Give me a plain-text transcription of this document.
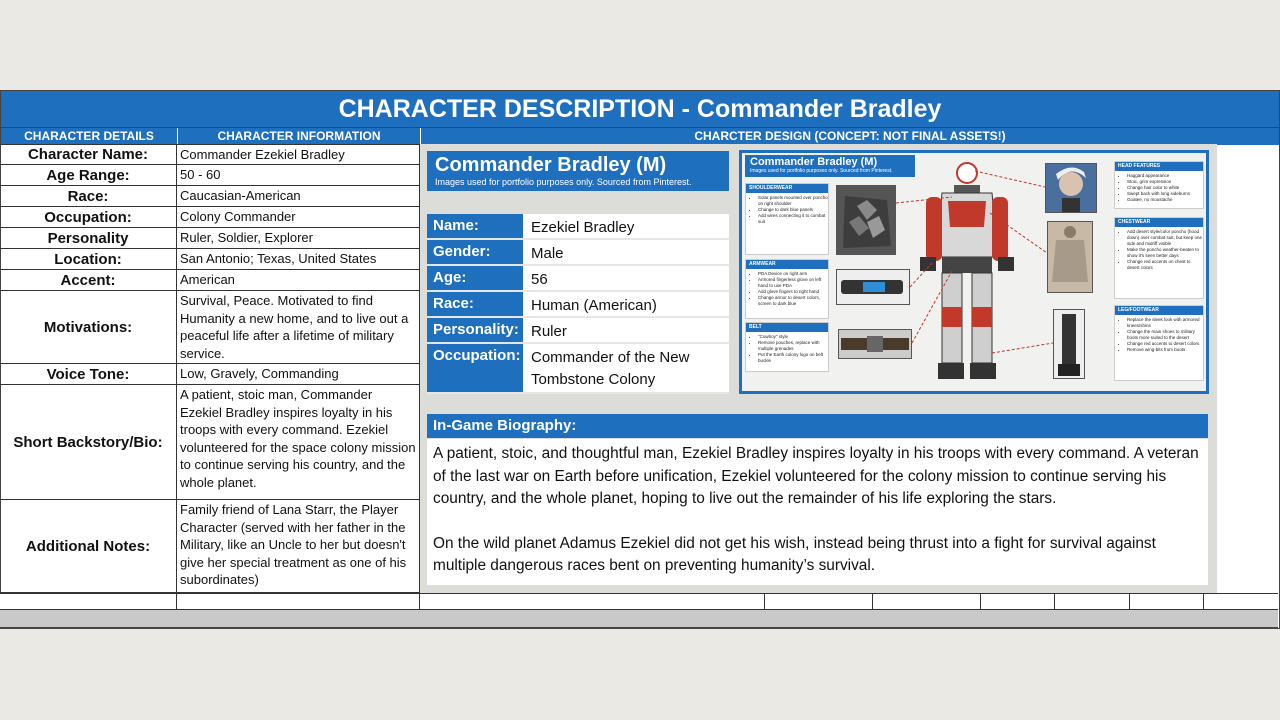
CHARACTER DESCRIPTION - Commander Bradley
CHARACTER DETAILS	CHARACTER INFORMATION	CHARCTER DESIGN (CONCEPT: NOT FINAL ASSETS!)
Character Name:	Commander Ezekiel Bradley
Age Range:	50 - 60
Race:	Caucasian-American
Occupation:	Colony Commander
Personality	Ruler, Soldier, Explorer
Location:	San Antonio; Texas, United States
Accent:	American
Motivations:
Survival, Peace. Motivated to find Humanity a new home, and to live out a peaceful life after a lifetime of military service.
Voice Tone:	Low, Gravely, Commanding
Short Backstory/Bio:
A patient, stoic man, Commander Ezekiel Bradley inspires loyalty in his troops with every command. Ezekiel volunteered for the space colony mission to continue serving his country, and the whole planet.
Additional Notes:
Family friend of Lana Starr, the Player Character (served with her father in the Military, like an Uncle to her but doesn't give her special treatment as one of his subordinates)
Commander Bradley (M)
Images used for portfolio purposes only. Sourced from Pinterest.
Name:	Ezekiel Bradley
Gender:	Male
Age:	56
Race:	Human (American)
Personality: Ruler
Occupation: Commander of the New Tombstone Colony
Commander Bradley (M)
Images used for portfolio purposes only. Sourced from Pinterest.
SHOULDERWEAR
• Solar panels mounted over poncho on right shoulder
• Change to dark blue panels
• Add wires connecting it to combat suit
ARMWEAR
• PDA Device on right arm
• Armored fingerless glove on left hand to use PDA
• Add glove fingers to right hand
• Change armor to desert colors, screen to dark blue
BELT
• "Cowboy" style
• Remove pouches, replace with multiple grenades
• Put the Earth colony logo on belt buckle
HEAD FEATURES
• Haggard appearance
• Stoic, grim expression
• Change hair color to white
• Swept back with long sideburns
• Goatee, no moustache
CHESTWEAR
• Add desert style/color poncho (hood down) over combat suit, but keep one side and midriff visible
• Make the poncho weather-beaten to show it's seen better days
• Change red accents on chest to desert colors
LEG/FOOTWEAR
• Replace the sleek look with armored knees/shins
• Change the main shoes to military boots more suited to the desert
• Change red accents to desert colors
• Remove wing-bits from boots
In-Game Biography:

A patient, stoic, and thoughtful man, Ezekiel Bradley inspires loyalty in his troops with every command. A veteran of the last war on Earth before unification, Ezekiel volunteered for the colony mission to continue serving his country, and the whole planet, hoping to live out the remainder of his life exploring the stars.

On the wild planet Adamus Ezekiel did not get his wish, instead being thrust into a fight for survival against multiple dangerous races bent on preventing humanity’s survival.
